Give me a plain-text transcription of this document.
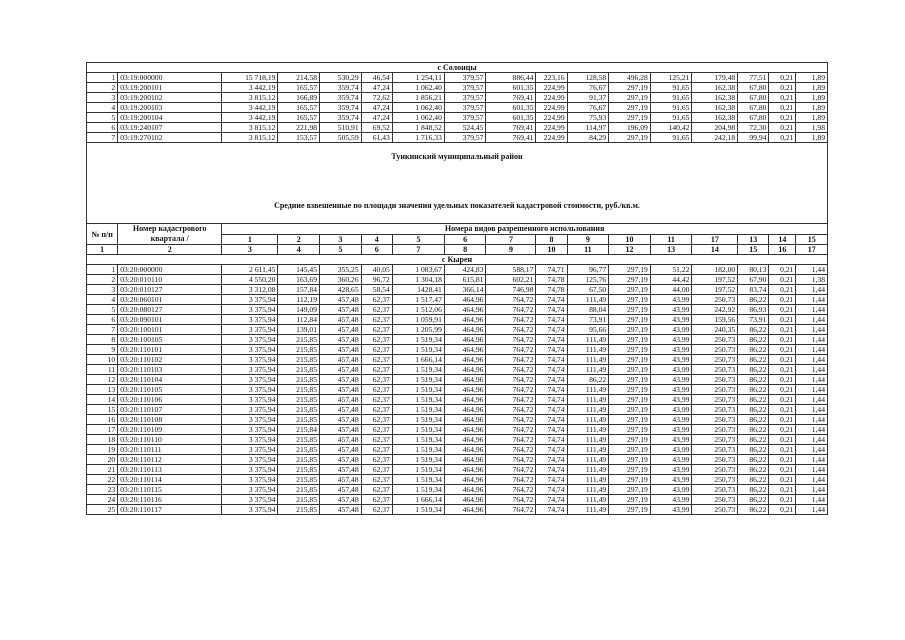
с Солонцы																
1	03:19:000000	15 718,19	214,58	530,29	46,54	1 254,11	379,57	886,44	223,16	128,58	496,28	125,21	179,48	77,51	0,21	1,89
2	03:19:200101	3 442,19	165,57	359,74	47,24	1 062,40	379,57	601,35	224,99	76,67	297,19	91,65	162,38	67,80	0,21	1,89
3	03:19:200102	3 815,12	166,89	359,74	72,62	1 856,21	379,57	769,41	224,99	91,37	297,19	91,65	162,38	67,80	0,21	1,89
4	03:19:200103	3 442,19	165,57	359,74	47,24	1 062,40	379,57	601,35	224,99	76,67	297,19	91,65	162,38	67,80	0,21	1,89
5	03:19:200104	3 442,19	165,57	359,74	47,24	1 062,40	379,57	601,35	224,99	75,93	297,19	91,65	162,38	67,80	0,21	1,89
6	03:19:240107	3 815,12	221,98	510,91	69,52	1 848,52	524,45	769,41	224,99	114,97	196,09	140,42	204,98	72,30	0,21	1,98
7	03:19:270102	3 815,12	153,57	505,59	61,43	1 716,33	379,57	769,41	224,99	84,29	297,19	91,65	242,18	99,94	0,21	1,89
Тункинский муниципальный район
Средние взвешенные по площади значения удельных показателей кадастровой стоимости, руб./кв.м.
№ п/п	Номер кадастрового квартала /	Номера видов разрешенного использования														
		1	2	3	4	5	6	7	8	9	10	11	17	13	14	15
1	2	3	4	5	6	7	8	9	10	11	12	13	14	15	16	17
с Кырен																
1	03:20:000000	2 611,45	145,45	355,25	40,05	1 083,67	424,83	588,17	74,71	96,77	297,19	51,22	182,00	80,13	0,21	1,44
2	03:20:010110	4 550,20	163,69	360,26	96,72	1 304,18	615,81	602,21	74,78	125,76	297,19	44,42	197,52	67,90	0,21	1,38
3	03:20:010127	3 312,08	157,84	428,65	58,54	1428,41	366,14	746,98	74,78	67,50	297,19	44,00	197,52	83,74	0,21	1,44
4	03:20:060101	3 375,94	112,19	457,48	62,37	1 517,47	464,96	764,72	74,74	111,49	297,19	43,99	250,73	86,22	0,21	1,44
5	03:20:080127	3 375,94	149,09	457,48	62,37	1 512,06	464,96	764,72	74,74	88,04	297,19	43,99	242,92	86,93	0,21	1,44
6	03:20:090101	3 375,94	112,84	457,48	62,37	1 059,91	464,96	764,72	74,74	73,91	297,19	43,99	159,56	73,91	0,21	1,44
7	03:20:100101	3 375,94	139,01	457,48	62,37	1 205,99	464,96	764,72	74,74	95,66	297,19	43,99	240,35	86,22	0,21	1,44
8	03:20:100105	3 375,94	215,85	457,48	62,37	1 519,34	464,96	764,72	74,74	111,49	297,19	43,99	250,73	86,22	0,21	1,44
9	03:20:110101	3 375,94	215,85	457,48	62,37	1 519,34	464,96	764,72	74,74	111,49	297,19	43,99	250,73	86,22	0,21	1,44
10	03:20:110102	3 375,94	215,85	457,48	62,37	1 666,14	464,96	764,72	74,74	111,49	297,19	43,99	250,73	86,22	0,21	1,44
11	03:20:110103	3 375,94	215,85	457,48	62,37	1 519,34	464,96	764,72	74,74	111,49	297,19	43,99	250,73	86,22	0,21	1,44
12	03:20:110104	3 375,94	215,85	457,48	62,37	1 519,34	464,96	764,72	74,74	86,22	297,19	43,99	250,73	86,22	0,21	1,44
13	03:20:110105	3 375,94	215,85	457,48	62,37	1 519,34	464,96	764,72	74,74	111,49	297,19	43,99	250,73	86,22	0,21	1,44
14	03:20:110106	3 375,94	215,85	457,48	62,37	1 519,34	464,96	764,72	74,74	111,49	297,19	43,99	250,73	86,22	0,21	1,44
15	03:20:110107	3 375,94	215,85	457,48	62,37	1 519,34	464,96	764,72	74,74	111,49	297,19	43,99	250,73	86,22	0,21	1,44
16	03:20:110108	3 375,94	215,85	457,48	62,37	1 519,34	464,96	764,72	74,74	111,49	297,19	43,99	250,73	86,22	0,21	1,44
17	03:20:110109	3 375,94	215,84	457,48	62,37	1 519,34	464,96	764,72	74,74	111,49	297,19	43,99	250,73	86,22	0,21	1,44
18	03:20:110110	3 375,94	215,85	457,48	62,37	1 519,34	464,96	764,72	74,74	111,49	297,19	43,99	250,73	86,22	0,21	1,44
19	03:20:110111	3 375,94	215,85	457,48	62,37	1 519,34	464,96	764,72	74,74	111,49	297,19	43,99	250,73	86,22	0,21	1,44
20	03:20:110112	3 375,94	215,85	457,48	62,37	1 519,34	464,96	764,72	74,74	111,49	297,19	43,99	250,73	86,22	0,21	1,44
21	03:20:110113	3 375,94	215,85	457,48	62,37	1 519,34	464,96	764,72	74,74	111,49	297,19	43,99	250,73	86,22	0,21	1,44
22	03:20:110114	3 375,94	215,85	457,48	62,37	1 519,34	464,96	764,72	74,74	111,49	297,19	43,99	250,73	86,22	0,21	1,44
23	03:20:110115	3 375,94	215,85	457,48	62,37	1 519,34	464,96	764,72	74,74	111,49	297,19	43,99	250,73	86,22	0,21	1,44
24	03:20:110116	3 375,94	215,85	457,48	62,37	1 666,14	464,96	764,72	74,74	111,49	297,19	43,99	250,73	86,22	0,21	1,44
25	03:20:110117	3 375,94	215,85	457,48	62,37	1 519,34	464,96	764,72	74,74	111,49	297,19	43,99	250,73	86,22	0,21	1,44
